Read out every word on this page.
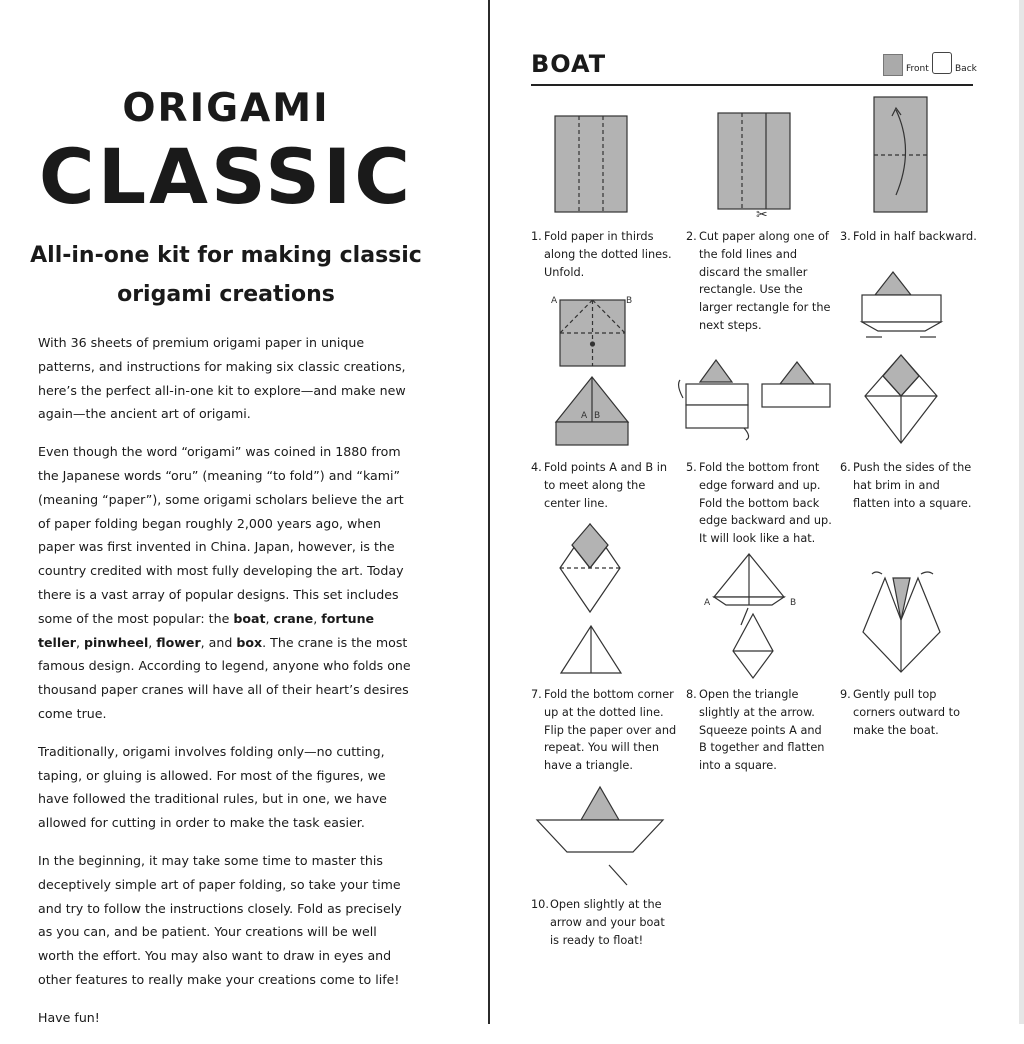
ORIGAMI
CLASSIC
All-in-one kit for making classic
origami creations

With 36 sheets of premium origami paper in unique patterns, and instructions for making six classic creations, here’s the perfect all-in-one kit to explore—and make new again—the ancient art of origami.

Even though the word “origami” was coined in 1880 from the Japanese words “oru” (meaning “to fold”) and “kami” (meaning “paper”), some origami scholars believe the art of paper folding began roughly 2,000 years ago, when paper was first invented in China. Japan, however, is the country credited with most fully developing the art. Today there is a vast array of popular designs. This set includes some of the most popular: the boat, crane, fortune teller, pinwheel, flower, and box. The crane is the most famous design. According to legend, anyone who folds one thousand paper cranes will have all of their heart’s desires come true.

Traditionally, origami involves folding only—no cutting, taping, or gluing is allowed. For most of the figures, we have followed the traditional rules, but in one, we have allowed for cutting in order to make the task easier.

In the beginning, it may take some time to master this deceptively simple art of paper folding, so take your time and try to follow the instructions closely. Fold as precisely as you can, and be patient. Your creations will be well worth the effort. You may also want to draw in eyes and other features to really make your creations come to life!

Have fun!

BOAT	Front	Back
✂
A	B
A B
A	B
1. Fold paper in thirds along the dotted lines. Unfold.
2. Cut paper along one of the fold lines and discard the smaller rectangle. Use the larger rectangle for the next steps.
3. Fold in half backward.
4. Fold points A and B in to meet along the center line.
5. Fold the bottom front edge forward and up. Fold the bottom back edge backward and up. It will look like a hat.
6. Push the sides of the hat brim in and flatten into a square.
7. Fold the bottom corner up at the dotted line. Flip the paper over and repeat. You will then have a triangle.
8. Open the triangle slightly at the arrow. Squeeze points A and B together and flatten into a square.
9. Gently pull top corners outward to make the boat.
10. Open slightly at the arrow and your boat is ready to float!
